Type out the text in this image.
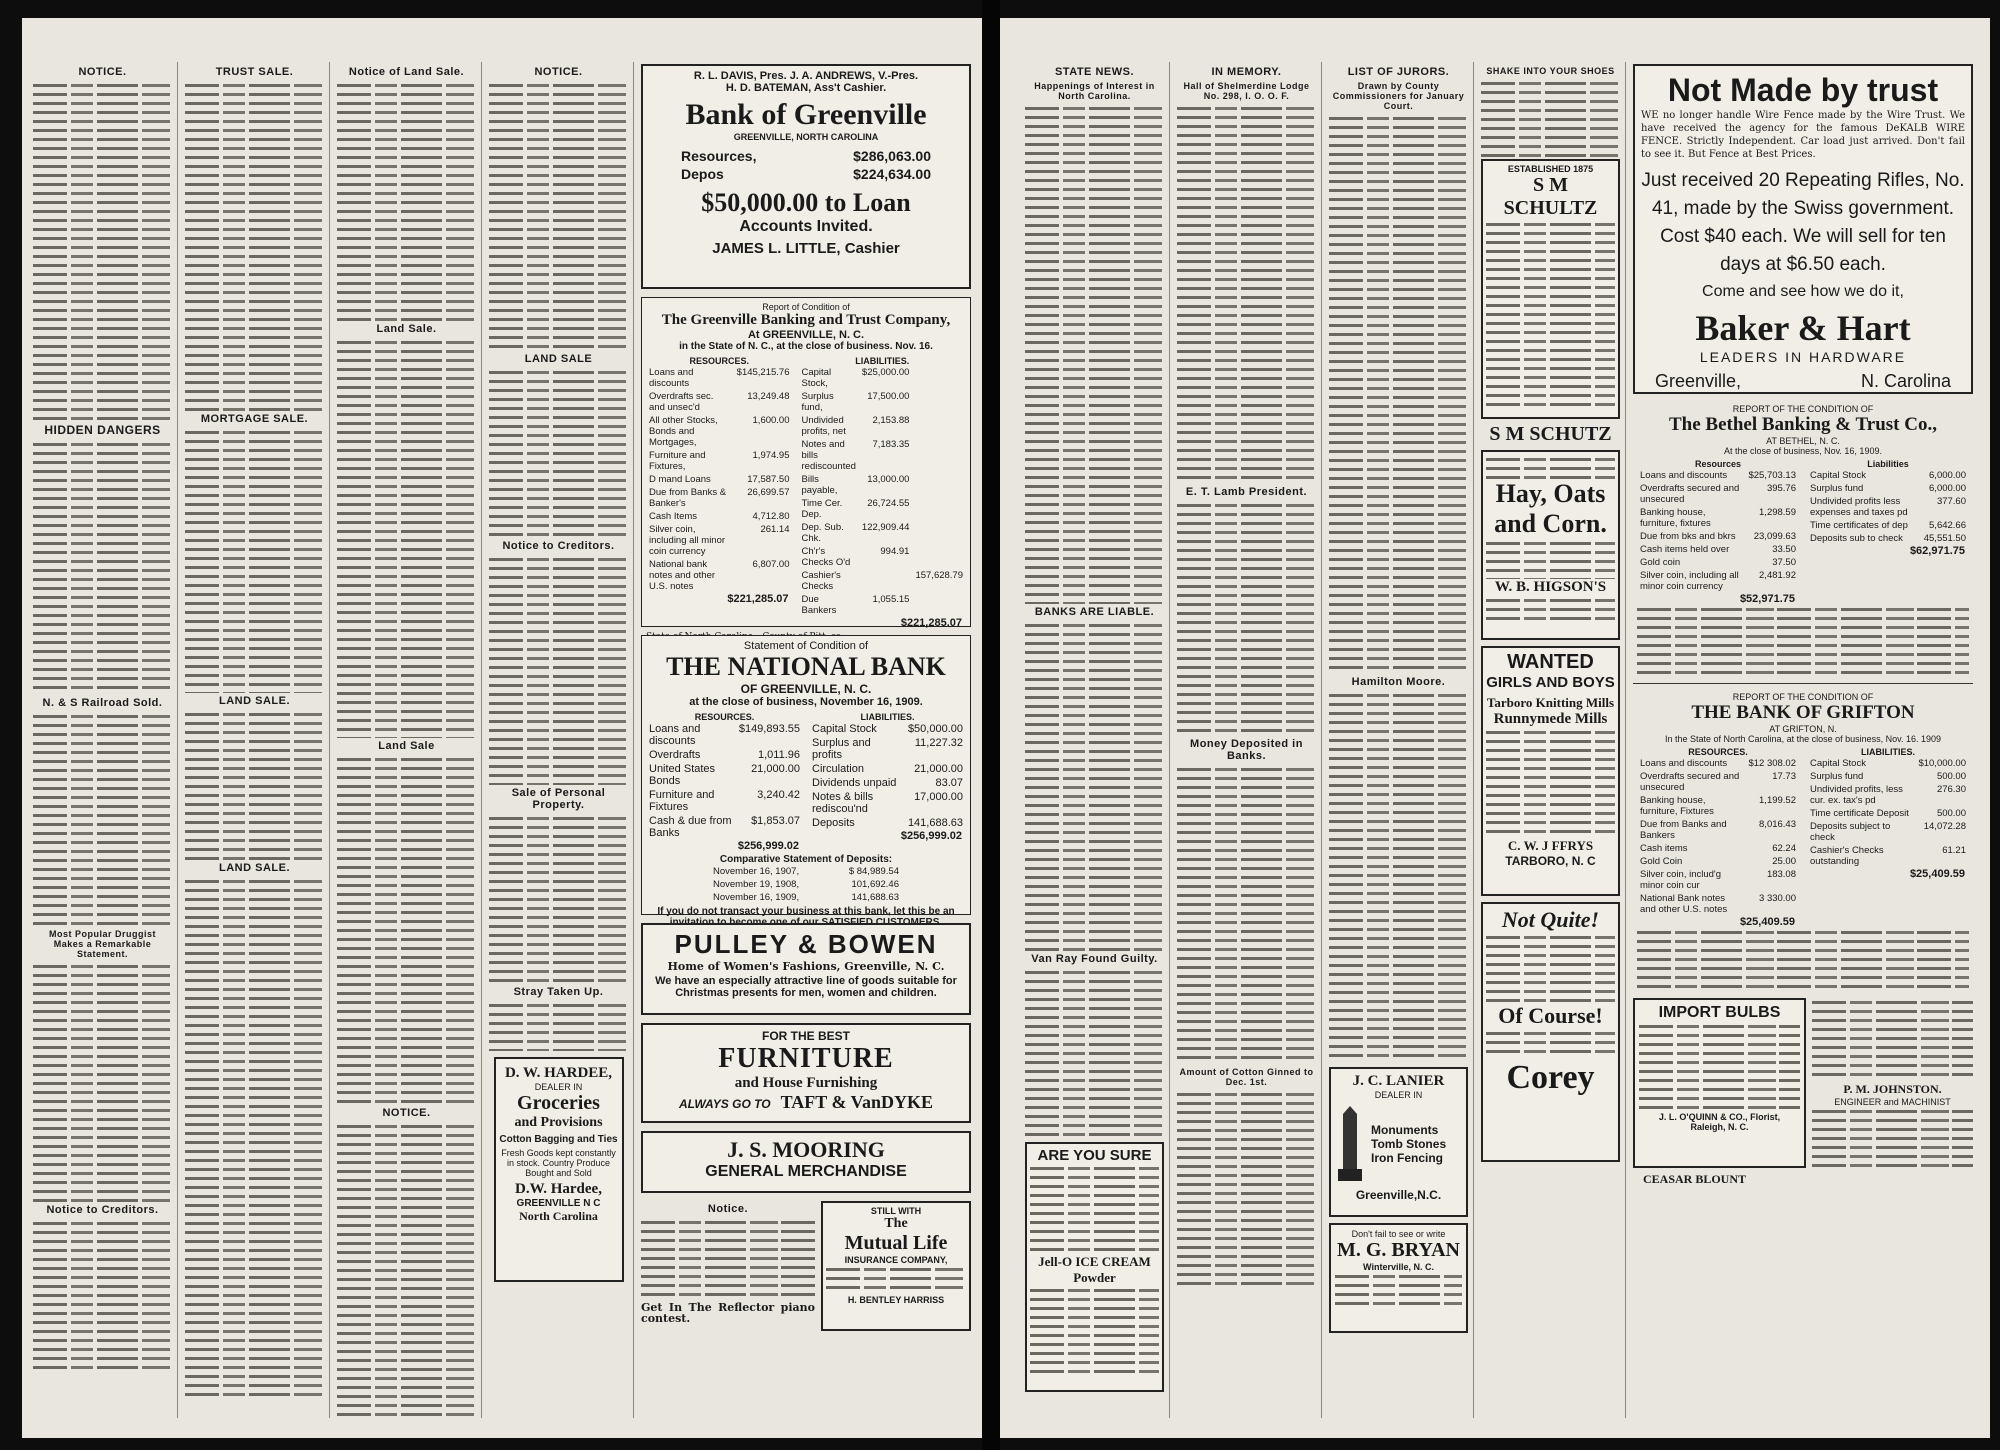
NOTICE.
HIDDEN DANGERS
N. & S Railroad Sold.
Most Popular Druggist Makes a Remarkable Statement.
Notice to Creditors.
TRUST SALE.
MORTGAGE SALE.
LAND SALE.
LAND SALE.
Notice of Land Sale.
Land Sale.
Land Sale
NOTICE.
NOTICE.
LAND SALE
Notice to Creditors.
Sale of Personal Property.
Stray Taken Up.
D. W. HARDEE,
DEALER IN
Groceries
and Provisions
Cotton Bagging and Ties
Fresh Goods kept constantly in stock. Country Produce Bought and Sold
D.W. Hardee,
GREENVILLE N C
North Carolina
R. L. DAVIS, Pres. J. A. ANDREWS, V.-Pres.
H. D. BATEMAN, Ass't Cashier.
Bank of Greenville
GREENVILLE, NORTH CAROLINA
Resources,	$286,063.00
Depos	$224,634.00
$50,000.00 to Loan
Accounts Invited.
JAMES L. LITTLE, Cashier
Report of Condition of
The Greenville Banking and Trust Company,
At GREENVILLE, N. C.
in the State of N. C., at the close of business. Nov. 16.
RESOURCES.
Loans and discounts	$145,215.76
Overdrafts sec. and unsec'd	13,249.48
All other Stocks, Bonds and Mortgages,	1,600.00
Furniture and Fixtures,	1,974.95
D mand Loans	17,587.50
Due from Banks & Banker's	26,699.57
Cash Items	4,712.80
Silver coin, including all minor coin currency	261.14
National bank notes and other U.S. notes	6,807.00
$221,285.07
LIABILITIES.
Capital Stock,	$25,000.00	
Surplus fund,	17,500.00	
Undivided profits, net	2,153.88	
Notes and bills rediscounted	7,183.35	
Bills payable,	13,000.00	
Time Cer. Dep.	26,724.55	
Dep. Sub. Chk.	122,909.44	
Ch'r's Checks O'd	994.91	
Cashier's Checks		157,628.79
Due Bankers	1,055.15	
$221,285.07
Statement of Condition of
THE NATIONAL BANK
OF GREENVILLE, N. C.
at the close of business, November 16, 1909.
RESOURCES.
Loans and discounts	$149,893.55
Overdrafts	1,011.96
United States Bonds	21,000.00
Furniture and Fixtures	3,240.42
Cash & due from Banks	$1,853.07
$256,999.02
LIABILITIES.
Capital Stock	$50,000.00
Surplus and profits	11,227.32
Circulation	21,000.00
Dividends unpaid	83.07
Notes & bills rediscou'nd	17,000.00
Deposits	141,688.63
$256,999.02
Comparative Statement of Deposits:
November 16, 1907,	$ 84,989.54
November 19, 1908,	101,692.46
November 16, 1909,	141,688.63
If you do not transact your business at this bank, let this be an
PULLEY & BOWEN
Home of Women's Fashions, Greenville, N. C.
We have an especially attractive line of goods suitable for Christmas presents for men, women and children.
FOR THE BEST
FURNITURE
and House Furnishing
ALWAYS GO TO TAFT & VanDYKE
J. S. MOORING
GENERAL MERCHANDISE
Notice.
Get In The Reflector piano contest.
STILL WITH
The
Mutual Life
INSURANCE COMPANY,
H. BENTLEY HARRISS
STATE NEWS.
Happenings of Interest in North Carolina.
BANKS ARE LIABLE.
Van Ray Found Guilty.
ARE YOU SURE
Jell-O ICE CREAM Powder
IN MEMORY.
Hall of Shelmerdine Lodge No. 298, I. O. O. F.
E. T. Lamb President.
Money Deposited in Banks.
Amount of Cotton Ginned to Dec. 1st.
LIST OF JURORS.
Drawn by County Commissioners for January Court.
Hamilton Moore.
J. C. LANIER
DEALER IN
Monuments
Tomb Stones
Iron Fencing
Greenville,N.C.
Don't fail to see or write
M. G. BRYAN
Winterville, N. C.
SHAKE INTO YOUR SHOES
ESTABLISHED 1875
S M SCHULTZ
S M SCHUTZ
Hay, Oats
and Corn.
W. B. HIGSON'S
WANTED
GIRLS AND BOYS
Tarboro Knitting Mills
Runnymede Mills
C. W. J FFRYS
TARBORO, N. C
Not Quite!
Of Course!
Corey
Not Made by trust
WE no longer handle Wire Fence made by the Wire Trust. We have received the agency for the famous DeKALB WIRE FENCE. Strictly Independent. Car load just arrived. Don't fail to see it. But Fence at Best Prices.
Just received 20 Repeating Rifles, No. 41, made by the Swiss government. Cost $40 each. We will sell for ten days at $6.50 each.
Come and see how we do it,
Baker & Hart
LEADERS IN HARDWARE
Greenville,	N. Carolina
REPORT OF THE CONDITION OF
The Bethel Banking & Trust Co.,
AT BETHEL, N. C.
At the close of business, Nov. 16, 1909.
Resources
Loans and discounts	$25,703.13
Overdrafts secured and unsecured	395.76
Banking house, furniture, fixtures	1,298.59
Due from bks and bkrs	23,099.63
Cash items held over	33.50
Gold coin	37.50
Silver coin, including all minor coin currency	2,481.92
$52,971.75
Liabilities
Capital Stock	6,000.00
Surplus fund	6,000.00
Undivided profits less expenses and taxes pd	377.60
Time certificates of dep	5,642.66
Deposits sub to check	45,551.50
$62,971.75
REPORT OF THE CONDITION OF
THE BANK OF GRIFTON
AT GRIFTON, N.
In the State of North Carolina, at the close of business, Nov. 16. 1909
RESOURCES.
Loans and discounts	$12 308.02
Overdrafts secured and unsecured	17.73
Banking house, furniture, Fixtures	1,199.52
Due from Banks and Bankers	8,016.43
Cash items	62.24
Gold Coin	25.00
Silver coin, includ'g minor coin cur	183.08
National Bank notes and other U.S. notes	3 330.00
$25,409.59
LIABILITIES.
Capital Stock	$10,000.00
Surplus fund	500.00
Undivided profits, less cur. ex. tax's pd	276.30
Time certificate Deposit	500.00
Deposits subject to check	14,072.28
Cashier's Checks outstanding	61.21
$25,409.59
IMPORT BULBS
J. L. O'QUINN & CO., Florist,
Raleigh, N. C.
P. M. JOHNSTON.
ENGINEER and MACHINIST
CEASAR BLOUNT
